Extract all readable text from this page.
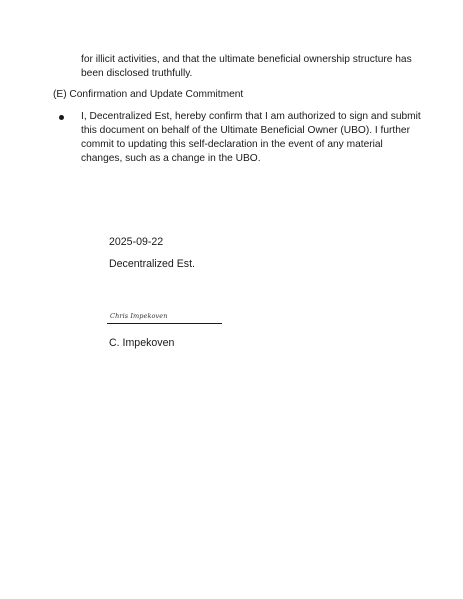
for illicit activities, and that the ultimate beneficial ownership structure has been disclosed truthfully.
(E) Confirmation and Update Commitment
I, Decentralized Est, hereby confirm that I am authorized to sign and submit this document on behalf of the Ultimate Beneficial Owner (UBO). I further commit to updating this self-declaration in the event of any material changes, such as a change in the UBO.
2025-09-22
Decentralized Est.
Chris Impekoven
C. Impekoven
